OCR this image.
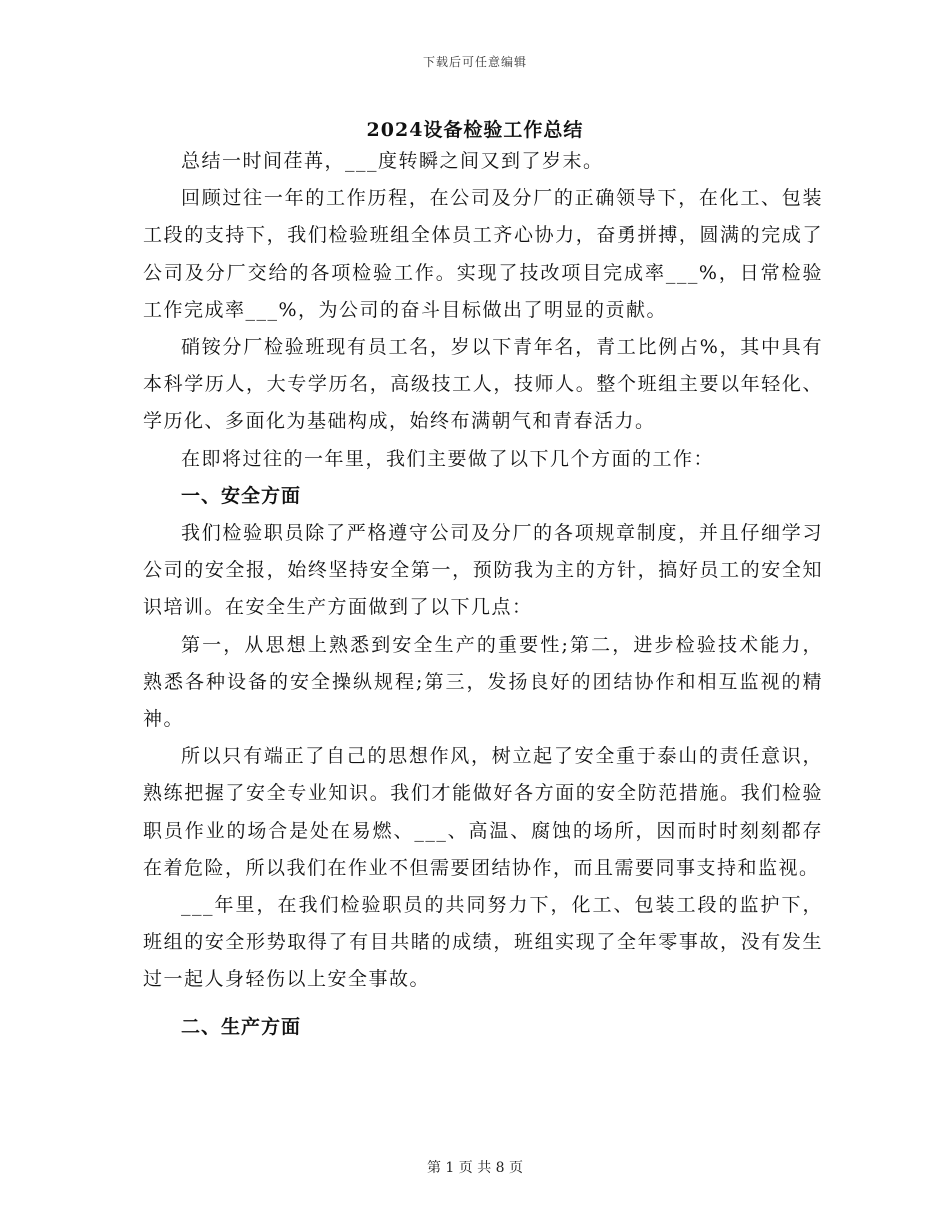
下载后可任意编辑
2024设备检验工作总结

总结一时间荏苒，___度转瞬之间又到了岁末。

回顾过往一年的工作历程，在公司及分厂的正确领导下，在化工、包装工段的支持下，我们检验班组全体员工齐心协力，奋勇拼搏，圆满的完成了公司及分厂交给的各项检验工作。实现了技改项目完成率___%，日常检验工作完成率___%，为公司的奋斗目标做出了明显的贡献。

硝铵分厂检验班现有员工名，岁以下青年名，青工比例占%，其中具有本科学历人，大专学历名，高级技工人，技师人。整个班组主要以年轻化、学历化、多面化为基础构成，始终布满朝气和青春活力。

在即将过往的一年里，我们主要做了以下几个方面的工作：

一、安全方面

我们检验职员除了严格遵守公司及分厂的各项规章制度，并且仔细学习公司的安全报，始终坚持安全第一，预防我为主的方针，搞好员工的安全知识培训。在安全生产方面做到了以下几点：

第一，从思想上熟悉到安全生产的重要性;第二，进步检验技术能力，熟悉各种设备的安全操纵规程;第三，发扬良好的团结协作和相互监视的精神。

所以只有端正了自己的思想作风，树立起了安全重于泰山的责任意识，熟练把握了安全专业知识。我们才能做好各方面的安全防范措施。我们检验职员作业的场合是处在易燃、___、高温、腐蚀的场所，因而时时刻刻都存在着危险，所以我们在作业不但需要团结协作，而且需要同事支持和监视。

___年里，在我们检验职员的共同努力下，化工、包装工段的监护下，班组的安全形势取得了有目共睹的成绩，班组实现了全年零事故，没有发生过一起人身轻伤以上安全事故。

二、生产方面
第 1 页 共 8 页
